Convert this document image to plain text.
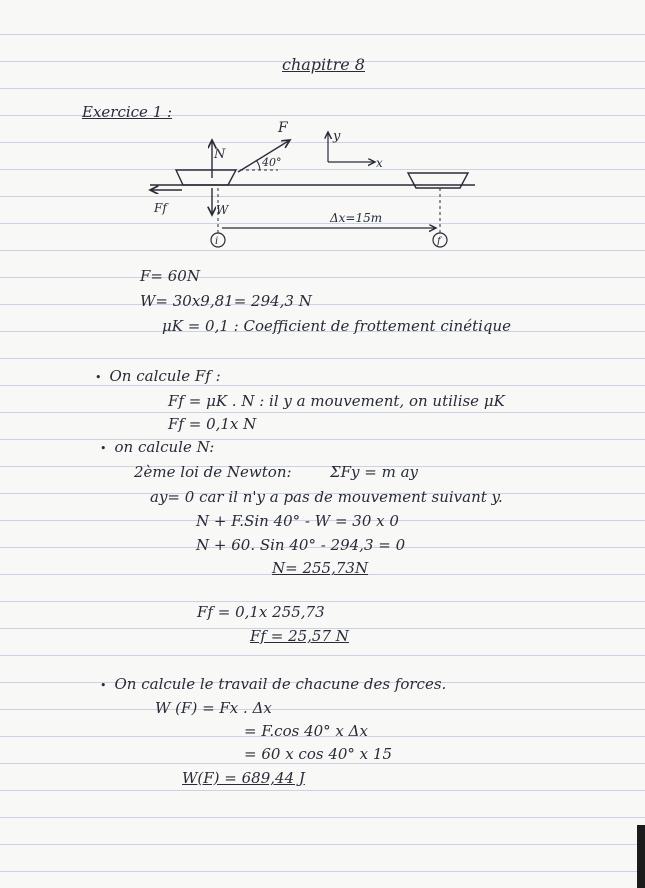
chapitre 8
Exercice 1 :
F
N
Ff	W
40°
y
x
Δx=15m
i	f
F= 60N
W= 30x9,81= 294,3 N
μK = 0,1 : Coefficient de frottement cinétique
• On calcule Ff :
Ff = μK . N : il y a mouvement, on utilise μK
Ff = 0,1x N
• on calcule N:
2ème loi de Newton:	ΣFy = m ay
ay= 0 car il n'y a pas de mouvement suivant y.
N + F.Sin 40° - W = 30 x 0
N + 60. Sin 40° - 294,3 = 0
N= 255,73N
Ff = 0,1x 255,73
Ff = 25,57 N
• On calcule le travail de chacune des forces.
W (F) = Fx . Δx
= F.cos 40° x Δx
= 60 x cos 40° x 15
W(F) = 689,44 J
